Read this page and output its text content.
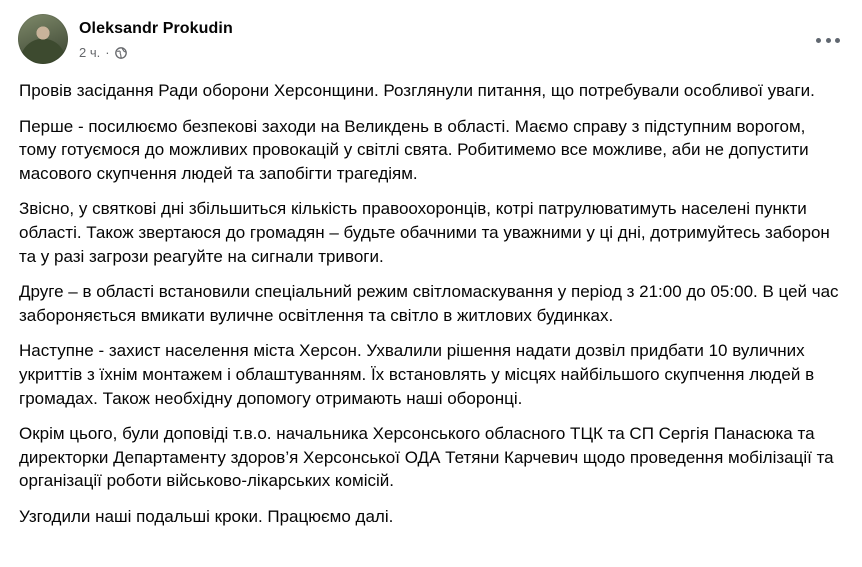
Oleksandr Prokudin
2 ч. ·

Провів засідання Ради оборони Херсонщини. Розглянули питання, що потребували особливої уваги.

Перше - посилюємо безпекові заходи на Великдень в області. Маємо справу з підступним ворогом, тому готуємося до можливих провокацій у світлі свята. Робитимемо все можливе, аби не допустити масового скупчення людей та запобігти трагедіям.

Звісно, у святкові дні збільшиться кількість правоохоронців, котрі патрулюватимуть населені пункти області. Також звертаюся до громадян – будьте обачними та уважними у ці дні, дотримуйтесь заборон та у разі загрози реагуйте на сигнали тривоги.

Друге – в області встановили спеціальний режим світломаскування у період з 21:00 до 05:00. В цей час забороняється вмикати вуличне освітлення та світло в житлових будинках.

Наступне - захист населення міста Херсон. Ухвалили рішення надати дозвіл придбати 10 вуличних укриттів з їхнім монтажем і облаштуванням. Їх встановлять у місцях найбільшого скупчення людей в громадах. Також необхідну допомогу отримають наші оборонці.

Окрім цього, були доповіді т.в.о. начальника Херсонського обласного ТЦК та СП Сергія Панасюка та директорки Департаменту здоров’я Херсонської ОДА Тетяни Карчевич щодо проведення мобілізації та організації роботи військово-лікарських комісій.

Узгодили наші подальші кроки. Працюємо далі.
